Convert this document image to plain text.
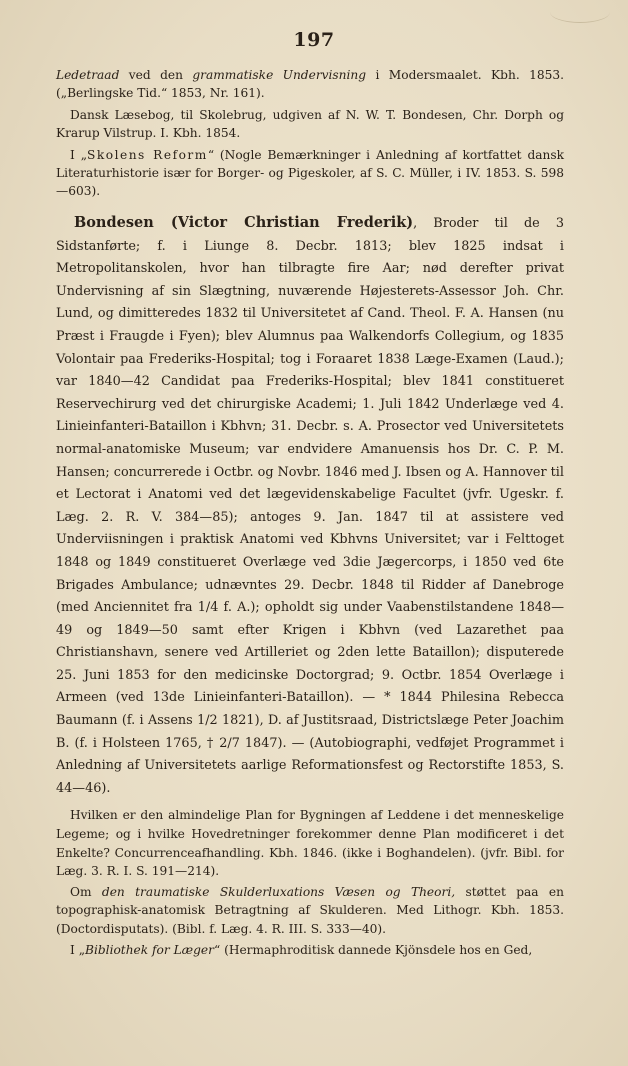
197

Ledetraad ved den grammatiske Undervisning i Modersmaalet. Kbh. 1853. („Berlingske Tid.“ 1853, Nr. 161).

Dansk Læsebog, til Skolebrug, udgiven af N. W. T. Bondesen, Chr. Dorph og Krarup Vilstrup. I. Kbh. 1854.

I „Skolens Reform“ (Nogle Bemærkninger i Anledning af kortfattet dansk Literaturhistorie især for Borger- og Pigeskoler, af S. C. Müller, i IV. 1853. S. 598—603).

Bondesen (Victor Christian Frederik), Broder til de 3 Sidstanførte; f. i Liunge 8. Decbr. 1813; blev 1825 indsat i Metropolitanskolen, hvor han tilbragte fire Aar; nød derefter privat Undervisning af sin Slægtning, nuværende Højesterets-Assessor Joh. Chr. Lund, og dimitteredes 1832 til Universitetet af Cand. Theol. F. A. Hansen (nu Præst i Fraugde i Fyen); blev Alumnus paa Walkendorfs Collegium, og 1835 Volontair paa Frederiks-Hospital; tog i Foraaret 1838 Læge-Examen (Laud.); var 1840—42 Candidat paa Frederiks-Hospital; blev 1841 constitueret Reservechirurg ved det chirurgiske Academi; 1. Juli 1842 Underlæge ved 4. Linieinfanteri-Bataillon i Kbhvn; 31. Decbr. s. A. Prosector ved Universitetets normal-anatomiske Museum; var endvidere Amanuensis hos Dr. C. P. M. Hansen; concurrerede i Octbr. og Novbr. 1846 med J. Ibsen og A. Hannover til et Lectorat i Anatomi ved det lægevidenskabelige Facultet (jvfr. Ugeskr. f. Læg. 2. R. V. 384—85); antoges 9. Jan. 1847 til at assistere ved Underviisningen i praktisk Anatomi ved Kbhvns Universitet; var i Felttoget 1848 og 1849 constitueret Overlæge ved 3die Jægercorps, i 1850 ved 6te Brigades Ambulance; udnævntes 29. Decbr. 1848 til Ridder af Danebroge (med Anciennitet fra 1/4 f. A.); opholdt sig under Vaabenstilstandene 1848—49 og 1849—50 samt efter Krigen i Kbhvn (ved Lazarethet paa Christianshavn, senere ved Artilleriet og 2den lette Bataillon); disputerede 25. Juni 1853 for den medicinske Doctorgrad; 9. Octbr. 1854 Overlæge i Armeen (ved 13de Linieinfanteri-Bataillon). — * 1844 Philesina Rebecca Baumann (f. i Assens 1/2 1821), D. af Justitsraad, Districtslæge Peter Joachim B. (f. i Holsteen 1765, † 2/7 1847). — (Autobiographi, vedføjet Programmet i Anledning af Universitetets aarlige Reformationsfest og Rectorstifte 1853, S. 44—46).

Hvilken er den almindelige Plan for Bygningen af Leddene i det menneskelige Legeme; og i hvilke Hovedretninger forekommer denne Plan modificeret i det Enkelte? Concurrenceafhandling. Kbh. 1846. (ikke i Boghandelen). (jvfr. Bibl. for Læg. 3. R. I. S. 191—214).

Om den traumatiske Skulderluxations Væsen og Theori, støttet paa en topographisk-anatomisk Betragtning af Skulderen. Med Lithogr. Kbh. 1853. (Doctordisputats). (Bibl. f. Læg. 4. R. III. S. 333—40).

I „Bibliothek for Læger“ (Hermaphroditisk dannede Kjönsdele hos en Ged,
